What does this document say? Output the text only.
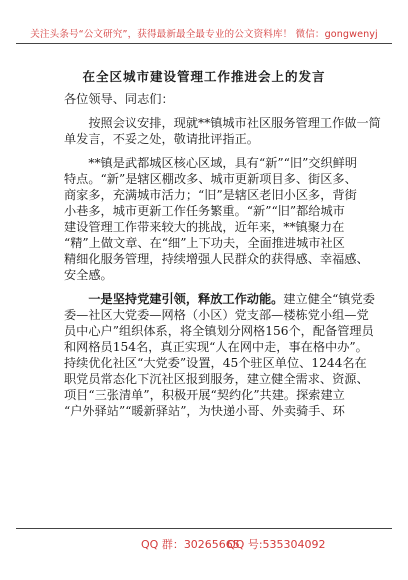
关注头条号“公文研究”，获得最新最全最专业的公文资料库！ 微信：gongwenyj
在全区城市建设管理工作推进会上的发言
各位领导、同志们：
　　按照会议安排，现就**镇城市社区服务管理工作做一简
单发言，不妥之处，敬请批评指正。
　　**镇是武都城区核心区域，具有“新”“旧”交织鲜明
特点。“新”是辖区棚改多、城市更新项目多、街区多、
商家多，充满城市活力；“旧”是辖区老旧小区多，背街
小巷多，城市更新工作任务繁重。“新”“旧”都给城市
建设管理工作带来较大的挑战，近年来，**镇聚力在
“精”上做文章、在“细”上下功夫，全面推进城市社区
精细化服务管理，持续增强人民群众的获得感、幸福感、
安全感。
　　一是坚持党建引领，释放工作动能。建立健全“镇党委
委—社区大党委—网格（小区）党支部—楼栋党小组—党
员中心户”组织体系，将全镇划分网格156个，配备管理员
和网格员154名，真正实现“人在网中走，事在格中办”。
持续优化社区“大党委”设置，45个驻区单位、1244名在
职党员常态化下沉社区报到服务，建立健全需求、资源、
项目“三张清单”，积极开展“契约化”共建。探索建立
“户外驿站”“暖新驿站”，为快递小哥、外卖骑手、环
QQ 群：30265665
QQ 号:535304092
